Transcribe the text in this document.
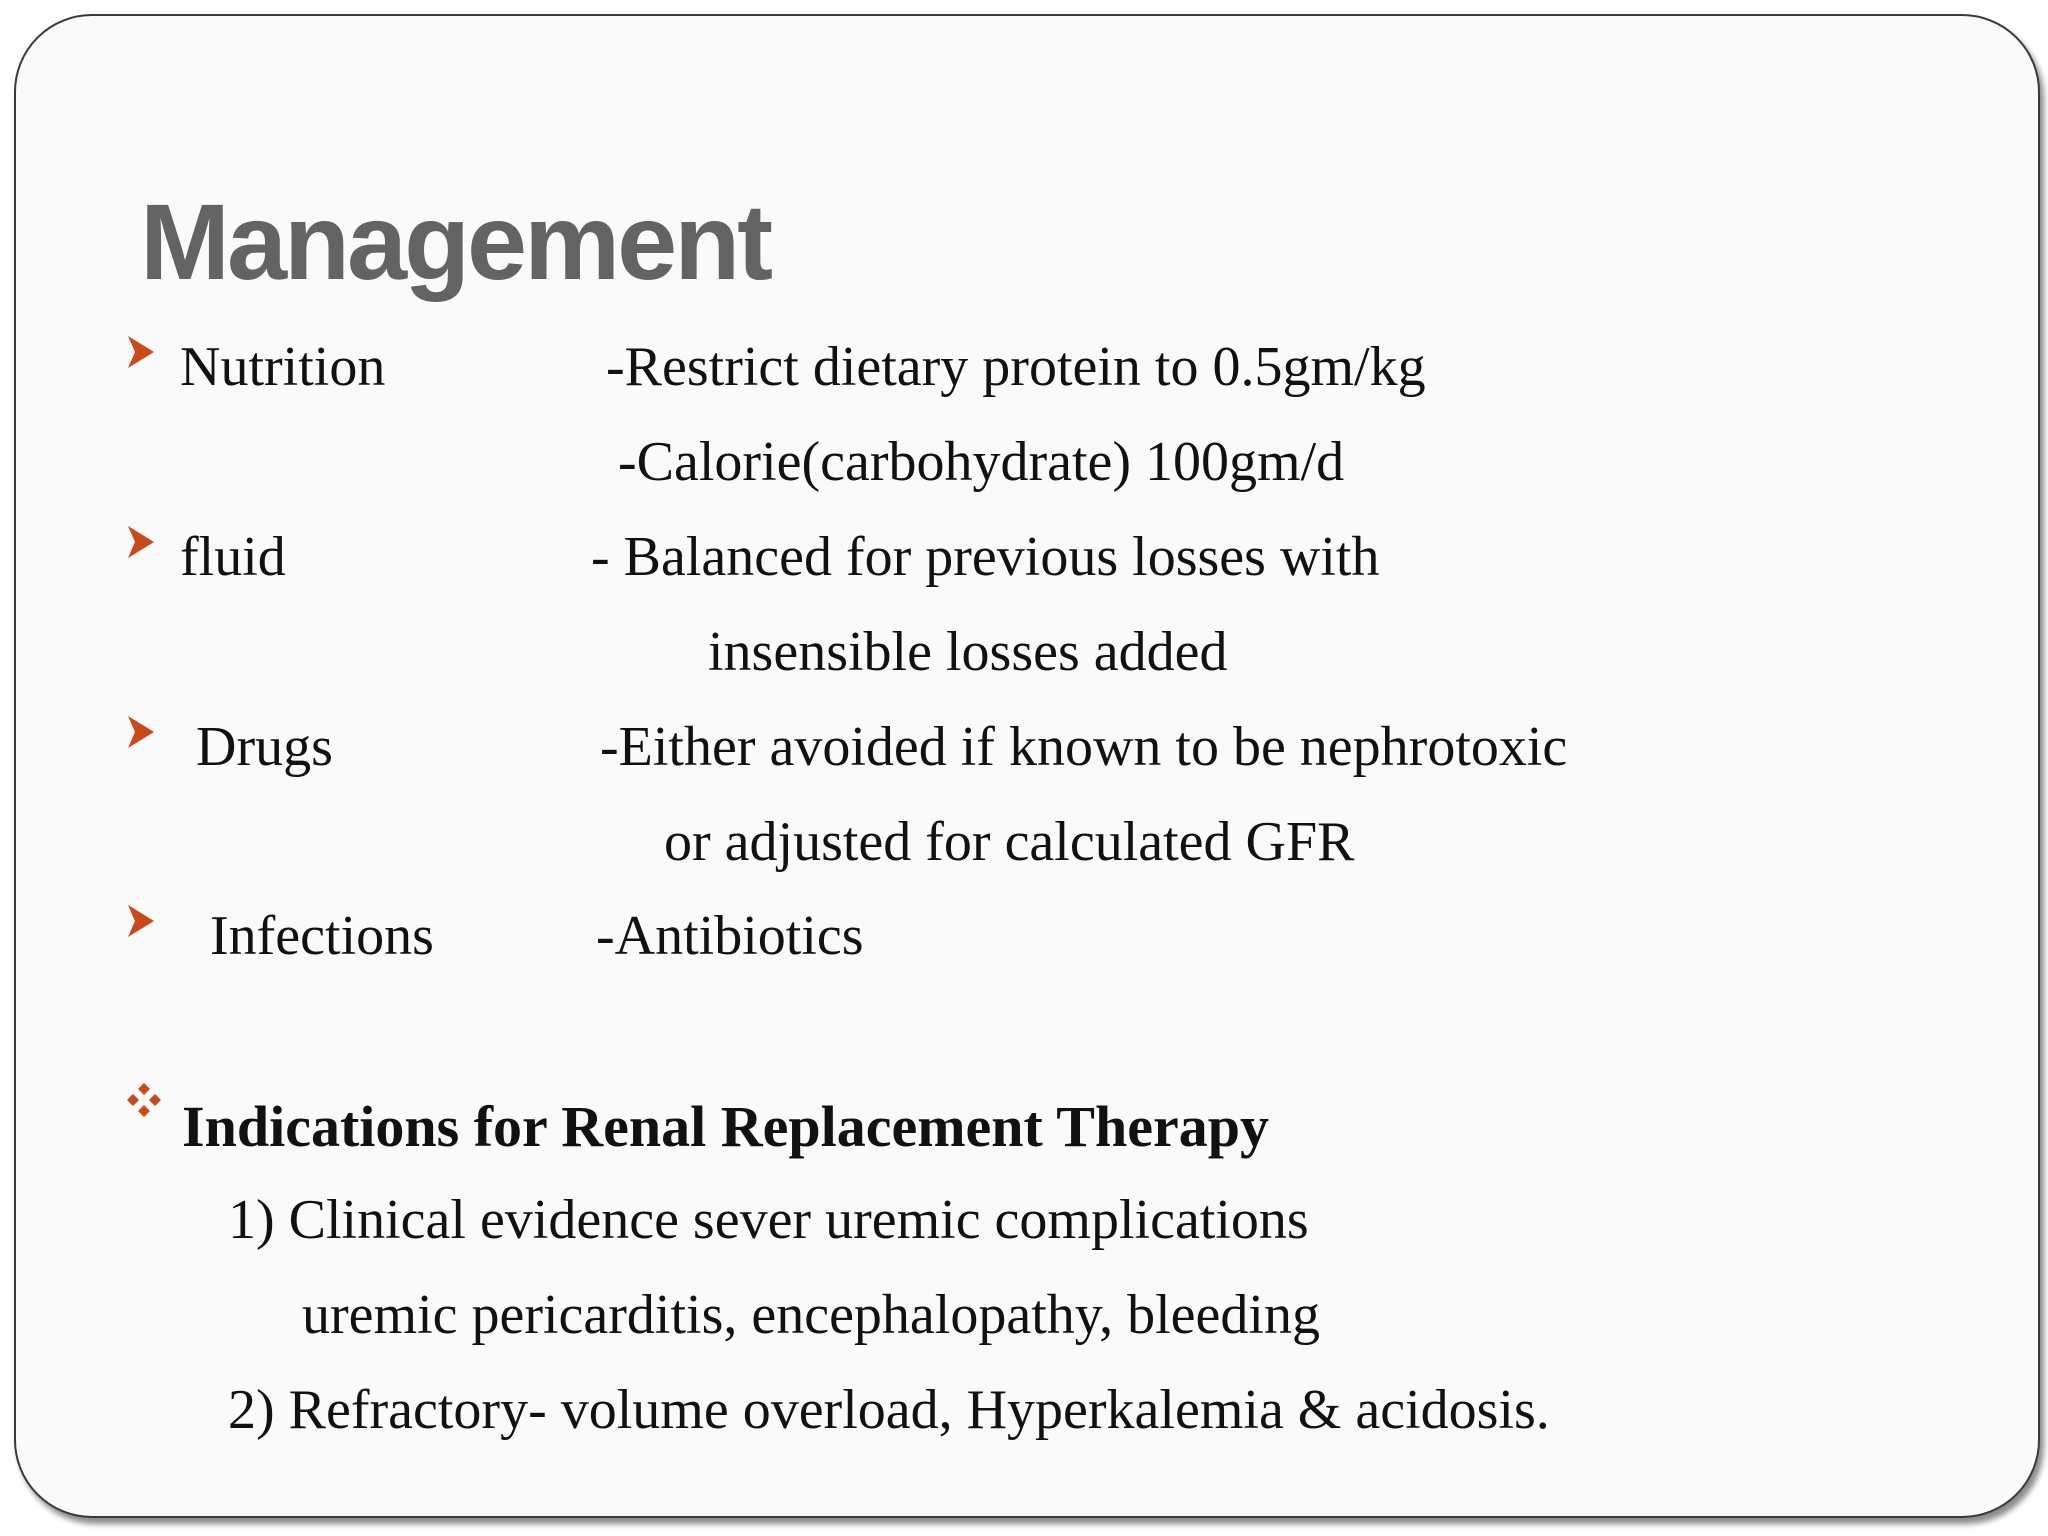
Management
Nutrition	-Restrict dietary protein to 0.5gm/kg
-Calorie(carbohydrate) 100gm/d
fluid	- Balanced for previous losses with
insensible losses added
Drugs	-Either avoided if known to be nephrotoxic
or adjusted for calculated GFR
Infections	-Antibiotics
Indications for Renal Replacement Therapy
1) Clinical evidence sever uremic complications
uremic pericarditis, encephalopathy, bleeding
2) Refractory- volume overload, Hyperkalemia & acidosis.
